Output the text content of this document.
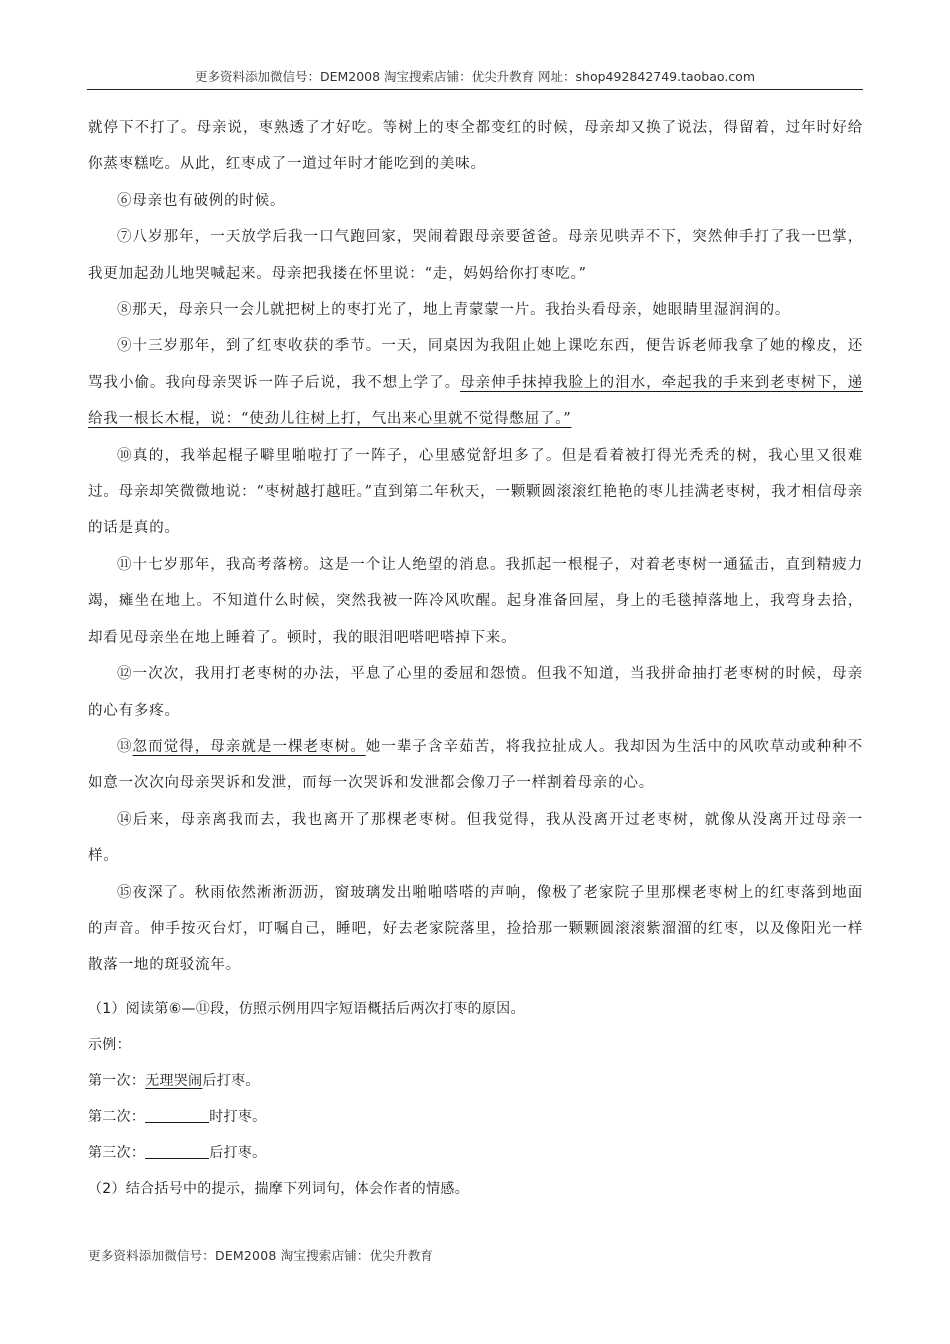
更多资料添加微信号：DEM2008 淘宝搜索店铺：优尖升教育 网址：shop492842749.taobao.com

就停下不打了。母亲说，枣熟透了才好吃。等树上的枣全都变红的时候，母亲却又换了说法，得留着，过年时好给你蒸枣糕吃。从此，红枣成了一道过年时才能吃到的美味。

⑥母亲也有破例的时候。

⑦八岁那年，一天放学后我一口气跑回家，哭闹着跟母亲要爸爸。母亲见哄弄不下，突然伸手打了我一巴掌，我更加起劲儿地哭喊起来。母亲把我搂在怀里说：“走，妈妈给你打枣吃。”

⑧那天，母亲只一会儿就把树上的枣打光了，地上青蒙蒙一片。我抬头看母亲，她眼睛里湿润润的。

⑨十三岁那年，到了红枣收获的季节。一天，同桌因为我阻止她上课吃东西，便告诉老师我拿了她的橡皮，还骂我小偷。我向母亲哭诉一阵子后说，我不想上学了。母亲伸手抹掉我脸上的泪水，牵起我的手来到老枣树下，递给我一根长木棍，说：“使劲儿往树上打，气出来心里就不觉得憋屈了。”

⑩真的，我举起棍子噼里啪啦打了一阵子，心里感觉舒坦多了。但是看着被打得光秃秃的树，我心里又很难过。母亲却笑微微地说：“枣树越打越旺。”直到第二年秋天，一颗颗圆滚滚红艳艳的枣儿挂满老枣树，我才相信母亲的话是真的。

⑪十七岁那年，我高考落榜。这是一个让人绝望的消息。我抓起一根棍子，对着老枣树一通猛击，直到精疲力竭，瘫坐在地上。不知道什么时候，突然我被一阵冷风吹醒。起身准备回屋，身上的毛毯掉落地上，我弯身去拾，却看见母亲坐在地上睡着了。顿时，我的眼泪吧嗒吧嗒掉下来。

⑫一次次，我用打老枣树的办法，平息了心里的委屈和怨愤。但我不知道，当我拼命抽打老枣树的时候，母亲的心有多疼。

⑬忽而觉得，母亲就是一棵老枣树。她一辈子含辛茹苦，将我拉扯成人。我却因为生活中的风吹草动或种种不如意一次次向母亲哭诉和发泄，而每一次哭诉和发泄都会像刀子一样割着母亲的心。

⑭后来，母亲离我而去，我也离开了那棵老枣树。但我觉得，我从没离开过老枣树，就像从没离开过母亲一样。

⑮夜深了。秋雨依然淅淅沥沥，窗玻璃发出啪啪嗒嗒的声响，像极了老家院子里那棵老枣树上的红枣落到地面的声音。伸手按灭台灯，叮嘱自己，睡吧，好去老家院落里，捡拾那一颗颗圆滚滚紫溜溜的红枣，以及像阳光一样散落一地的斑驳流年。

（1）阅读第⑥—⑪段，仿照示例用四字短语概括后两次打枣的原因。

示例：

第一次：无理哭闹后打枣。

第二次：	时打枣。

第三次：	后打枣。

（2）结合括号中的提示，揣摩下列词句，体会作者的情感。

更多资料添加微信号：DEM2008 淘宝搜索店铺：优尖升教育
